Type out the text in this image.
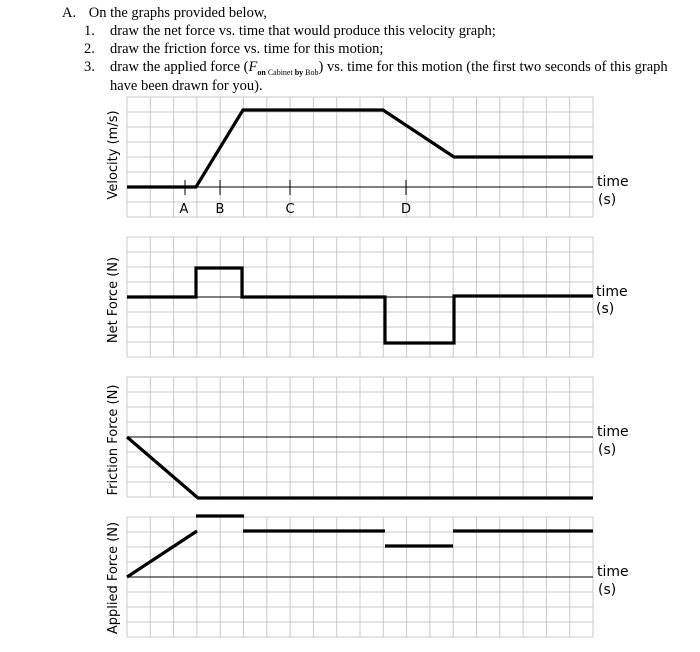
A. On the graphs provided below,
1. draw the net force vs. time that would produce this velocity graph;
2. draw the friction force vs. time for this motion;
3. draw the applied force $(F_{on Cabinet by Bob})$ vs. time for this motion (the first two seconds of this graph
have been drawn for you).
Velocity (m/s)
A B	C	D
time
(s)
Net Force (N)	time
(s)
Friction Force (N)	time
(s)
Applied Force (N)	time
(s)
